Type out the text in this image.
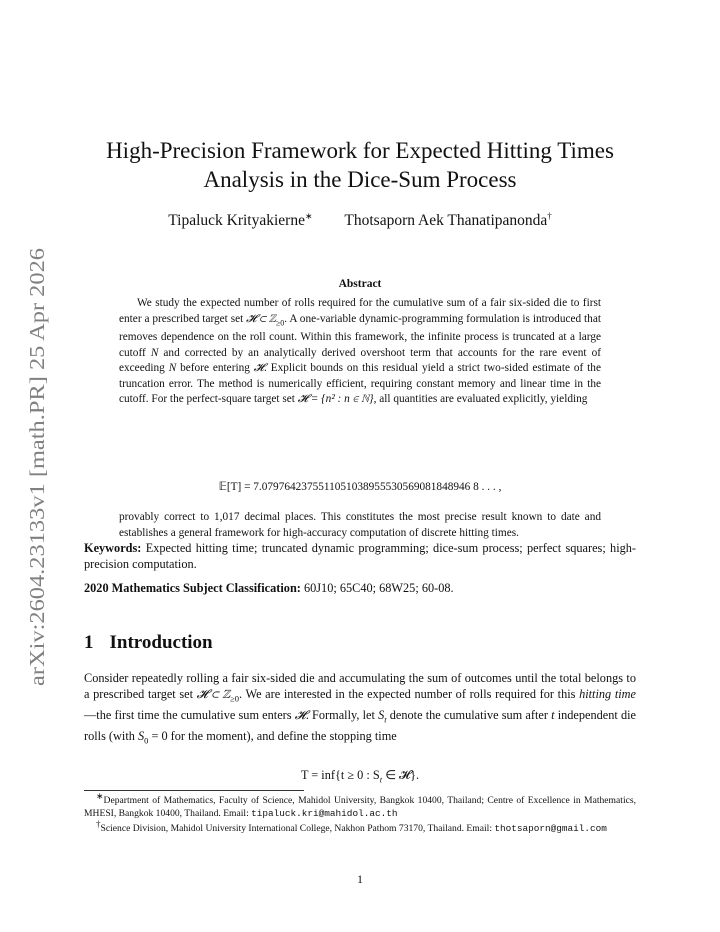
arXiv:2604.23133v1 [math.PR] 25 Apr 2026
High-Precision Framework for Expected Hitting Times
Analysis in the Dice-Sum Process
Tipaluck Krityakierne∗ Thotsaporn Aek Thanatipanonda†
Abstract
We study the expected number of rolls required for the cumulative sum of a fair six-sided die to first enter a prescribed target set 𝓗 ⊂ ℤ$_{\ge 0}$. A one-variable dynamic-programming formulation is introduced that removes dependence on the roll count. Within this framework, the infinite process is truncated at a large cutoff N and corrected by an analytically derived overshoot term that accounts for the rare event of exceeding N before entering 𝓗. Explicit bounds on this residual yield a strict two-sided estimate of the truncation error. The method is numerically efficient, requiring constant memory and linear time in the cutoff. For the perfect-square target set 𝓗 = {n² : n ∈ ℕ}, all quantities are evaluated explicitly, yielding
𝔼[T] = 7.0797642375511051038955530569081848946 8 . . . ,
provably correct to 1,017 decimal places. This constitutes the most precise result known to date and establishes a general framework for high-accuracy computation of discrete hitting times.
Keywords: Expected hitting time; truncated dynamic programming; dice-sum process; perfect squares; high-precision computation.
2020 Mathematics Subject Classification: 60J10; 65C40; 68W25; 60-08.
1 Introduction
Consider repeatedly rolling a fair six-sided die and accumulating the sum of outcomes until the total belongs to a prescribed target set 𝓗 ⊂ ℤ$_{\ge 0}$. We are interested in the expected number of rolls required for this hitting time—the first time the cumulative sum enters 𝓗. Formally, let $S_t$ denote the cumulative sum after t independent die rolls (with $S_0 = 0$ for the moment), and define the stopping time
T = inf{t ≥ 0 : $S_t$ ∈ 𝓗}.
∗Department of Mathematics, Faculty of Science, Mahidol University, Bangkok 10400, Thailand; Centre of Excellence in Mathematics, MHESI, Bangkok 10400, Thailand. Email: tipaluck.kri@mahidol.ac.th
†Science Division, Mahidol University International College, Nakhon Pathom 73170, Thailand. Email: thotsaporn@gmail.com
1
